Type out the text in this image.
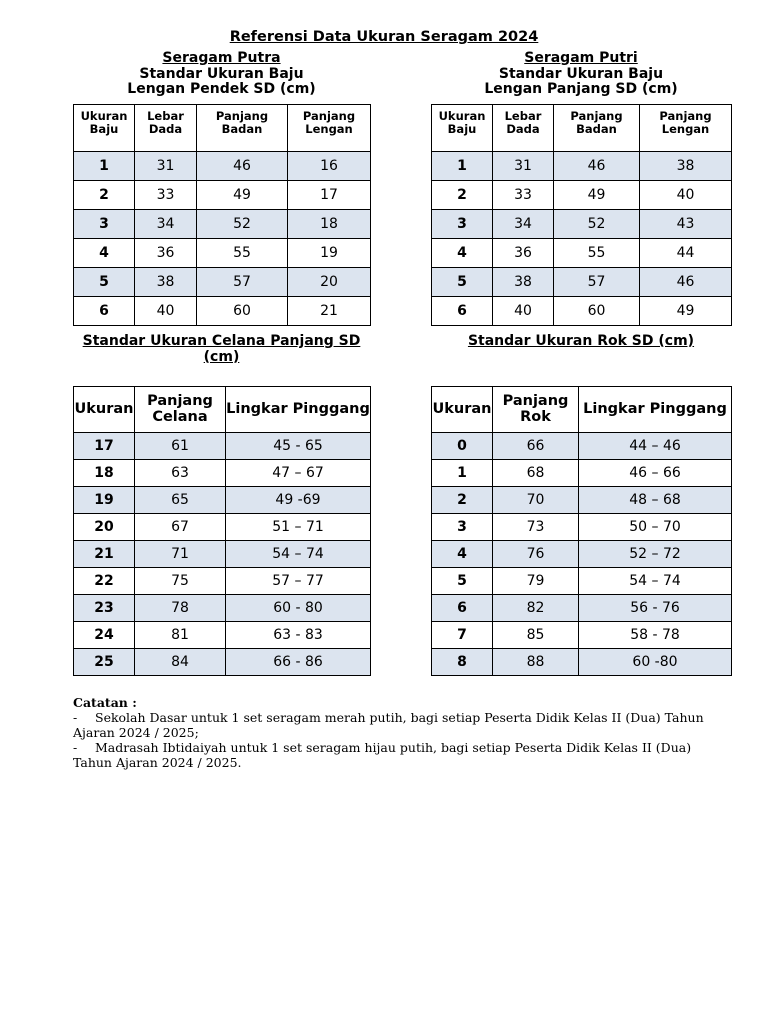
Referensi Data Ukuran Seragam 2024
Seragam Putra
Standar Ukuran Baju
Lengan Pendek SD (cm)
Seragam Putri
Standar Ukuran Baju
Lengan Panjang SD (cm)
Ukuran Baju	Lebar Dada	Panjang Badan	Panjang Lengan
1	31	46	16
2	33	49	17
3	34	52	18
4	36	55	19
5	38	57	20
6	40	60	21
Ukuran Baju	Lebar Dada	Panjang Badan	Panjang Lengan
1	31	46	38
2	33	49	40
3	34	52	43
4	36	55	44
5	38	57	46
6	40	60	49
Standar Ukuran Celana Panjang SD (cm)
Standar Ukuran Rok SD (cm)
Ukuran	Panjang Celana	Lingkar Pinggang
17	61	45 - 65
18	63	47 – 67
19	65	49 -69
20	67	51 – 71
21	71	54 – 74
22	75	57 – 77
23	78	60 - 80
24	81	63 - 83
25	84	66 - 86
Ukuran	Panjang Rok	Lingkar Pinggang
0	66	44 – 46
1	68	46 – 66
2	70	48 – 68
3	73	50 – 70
4	76	52 – 72
5	79	54 – 74
6	82	56 - 76
7	85	58 - 78
8	88	60 -80

Catatan :

- Sekolah Dasar untuk 1 set seragam merah putih, bagi setiap Peserta Didik Kelas II (Dua) Tahun Ajaran 2024 / 2025;

- Madrasah Ibtidaiyah untuk 1 set seragam hijau putih, bagi setiap Peserta Didik Kelas II (Dua) Tahun Ajaran 2024 / 2025.
